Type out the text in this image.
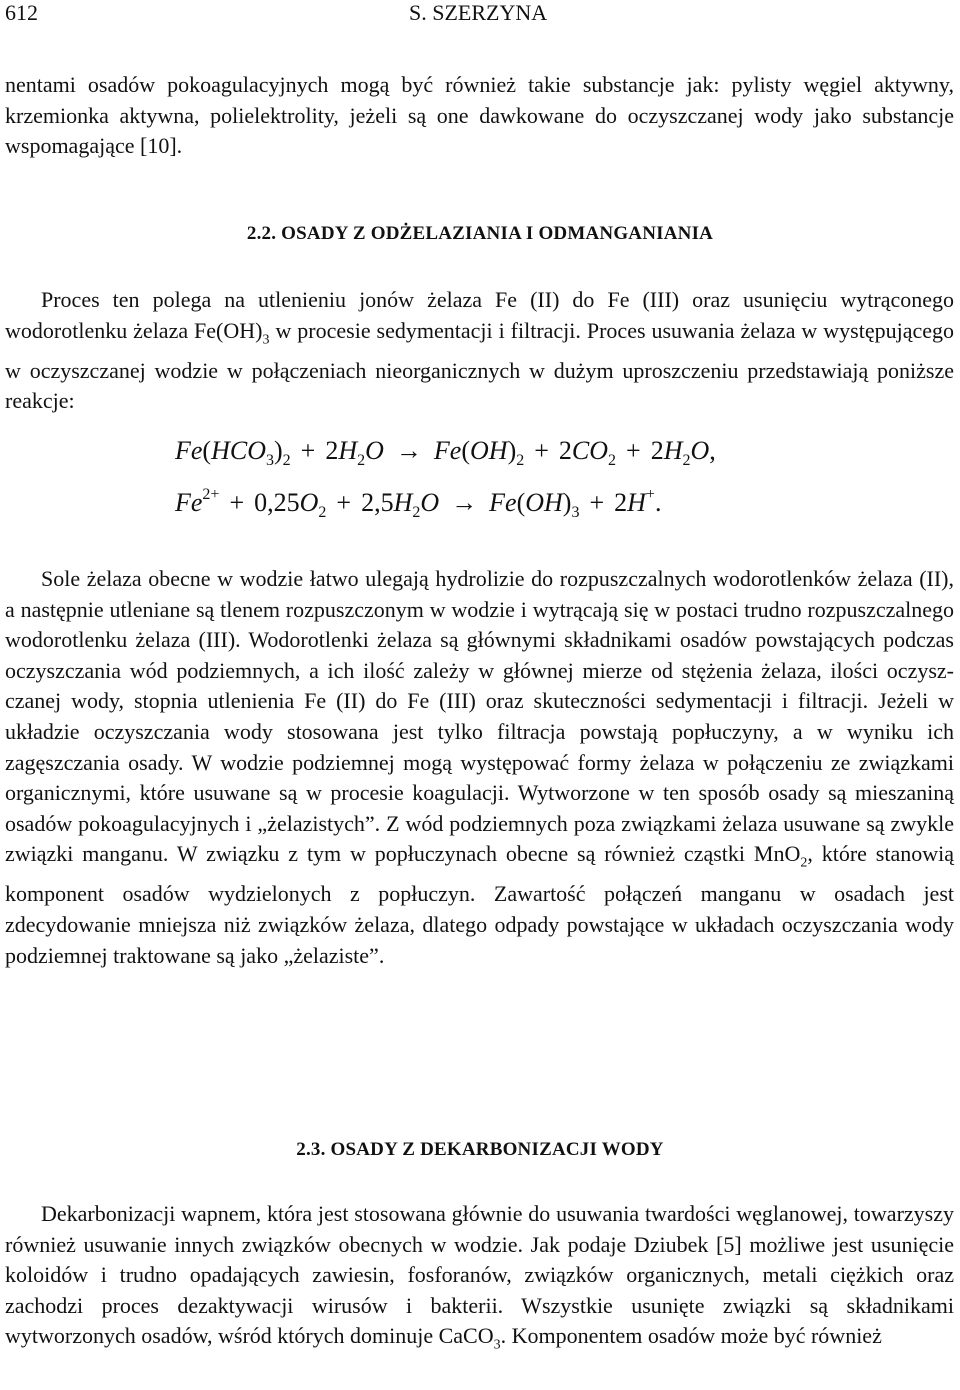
612	S. SZERZYNA

nentami osadów pokoagulacyjnych mogą być również takie substancje jak: pylisty węgiel aktywny, krzemionka aktywna, polielektrolity, jeżeli są one dawkowane do oczyszczanej wody jako substancje wspomagające [10].

2.2. OSADY Z ODŻELAZIANIA I ODMANGANIANIA

Proces ten polega na utlenieniu jonów żelaza Fe (II) do Fe (III) oraz usunięciu wytrąconego wodorotlenku żelaza $Fe(OH)_3$ w procesie sedymentacji i filtracji. Proces usuwania żelaza w występującego w oczyszczanej wodzie w połączeniach nieorganicznych w dużym uproszczeniu przedstawiają poniższe reakcje:

$Fe(HCO_3)_2 + 2H_2O \to Fe(OH)_2 + 2CO_2 + 2H_2O$,
$Fe^{2+} + 0,25O_2 + 2,5H_2O \to Fe(OH)_3 + 2H^+$.

Sole żelaza obecne w wodzie łatwo ulegają hydrolizie do rozpuszczalnych wodorotlenków żelaza (II), a następnie utleniane są tlenem rozpuszczonym w wodzie i wytrącają się w postaci trudno rozpuszczalnego wodorotlenku żelaza (III). Wodorotlenki żelaza są głównymi składnikami osadów powstających podczas oczyszczania wód podziemnych, a ich ilość zależy w głównej mierze od stężenia żelaza, ilości oczyszczanej wody, stopnia utlenienia Fe (II) do Fe (III) oraz skuteczności sedymentacji i filtracji. Jeżeli w układzie oczyszczania wody stosowana jest tylko filtracja powstają popłuczyny, a w wyniku ich zagęszczania osady. W wodzie podziemnej mogą występować formy żelaza w połączeniu ze związkami organicznymi, które usuwane są w procesie koagulacji. Wytworzone w ten sposób osady są mieszaniną osadów pokoagulacyjnych i „żelazistych”. Z wód podziemnych poza związkami żelaza usuwane są zwykle związki manganu. W związku z tym w popłuczynach obecne są również cząstki MnO$_2$, które stanowią komponent osadów wydzielonych z popłuczyn. Zawartość połączeń manganu w osadach jest zdecydowanie mniejsza niż związków żelaza, dlatego odpady powstające w układach oczyszczania wody podziemnej traktowane są jako „żelaziste”.

2.3. OSADY Z DEKARBONIZACJI WODY

Dekarbonizacji wapnem, która jest stosowana głównie do usuwania twardości węglanowej, towarzyszy również usuwanie innych związków obecnych w wodzie. Jak podaje Dziubek [5] możliwe jest usunięcie koloidów i trudno opadających zawiesin, fosforanów, związków organicznych, metali ciężkich oraz zachodzi proces dezaktywacji wirusów i bakterii. Wszystkie usunięte związki są składnikami wytworzonych osadów, wśród których dominuje CaCO$_3$. Komponentem osadów może być również
